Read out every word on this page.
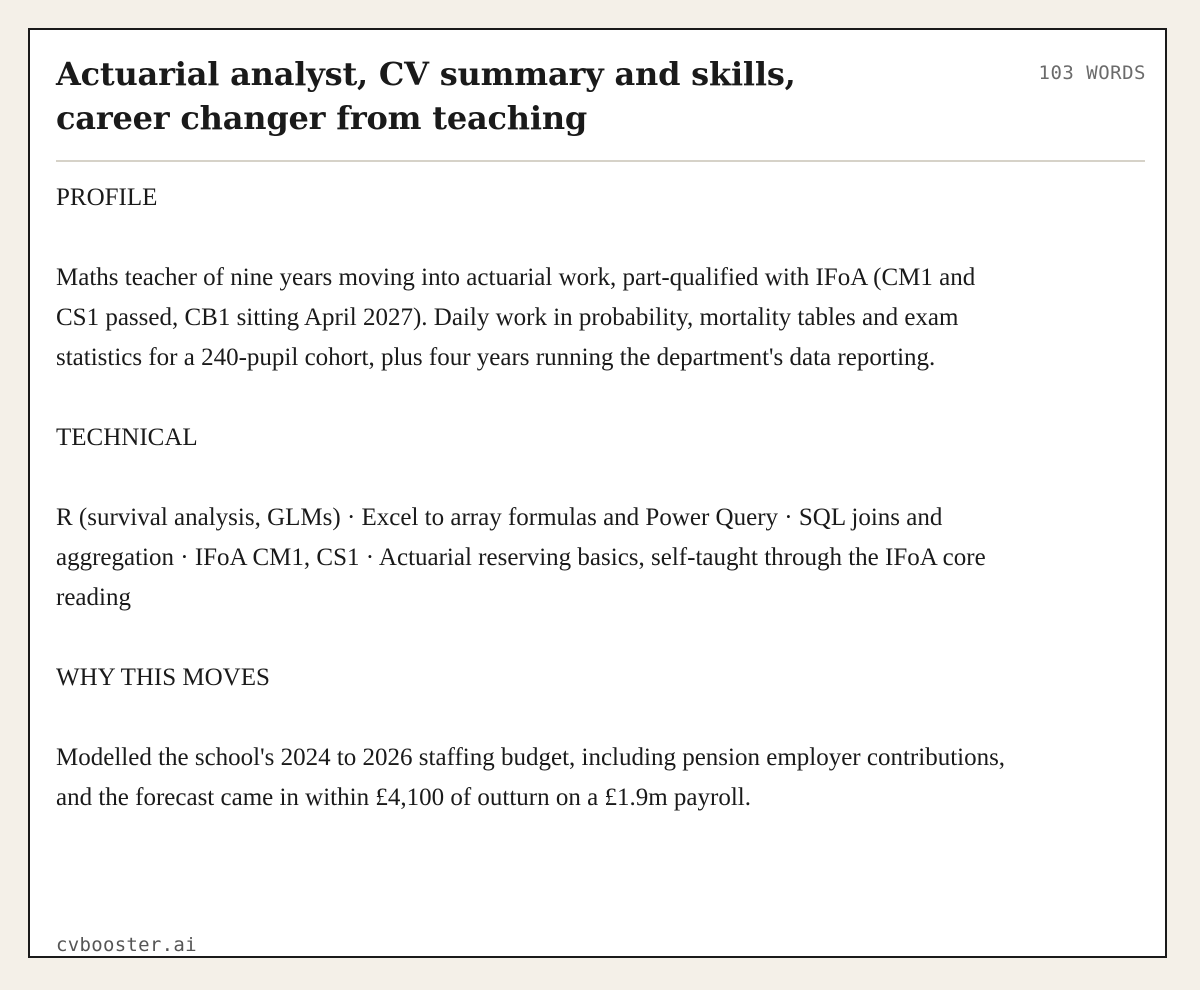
Actuarial analyst, CV summary and skills,
career changer from teaching
103 WORDS

PROFILE

Maths teacher of nine years moving into actuarial work, part-qualified with IFoA (CM1 and CS1 passed, CB1 sitting April 2027). Daily work in probability, mortality tables and exam statistics for a 240-pupil cohort, plus four years running the department's data reporting.

TECHNICAL

R (survival analysis, GLMs) · Excel to array formulas and Power Query · SQL joins and aggregation · IFoA CM1, CS1 · Actuarial reserving basics, self-taught through the IFoA core reading

WHY THIS MOVES

Modelled the school's 2024 to 2026 staffing budget, including pension employer contributions, and the forecast came in within £4,100 of outturn on a £1.9m payroll.

cvbooster.ai
